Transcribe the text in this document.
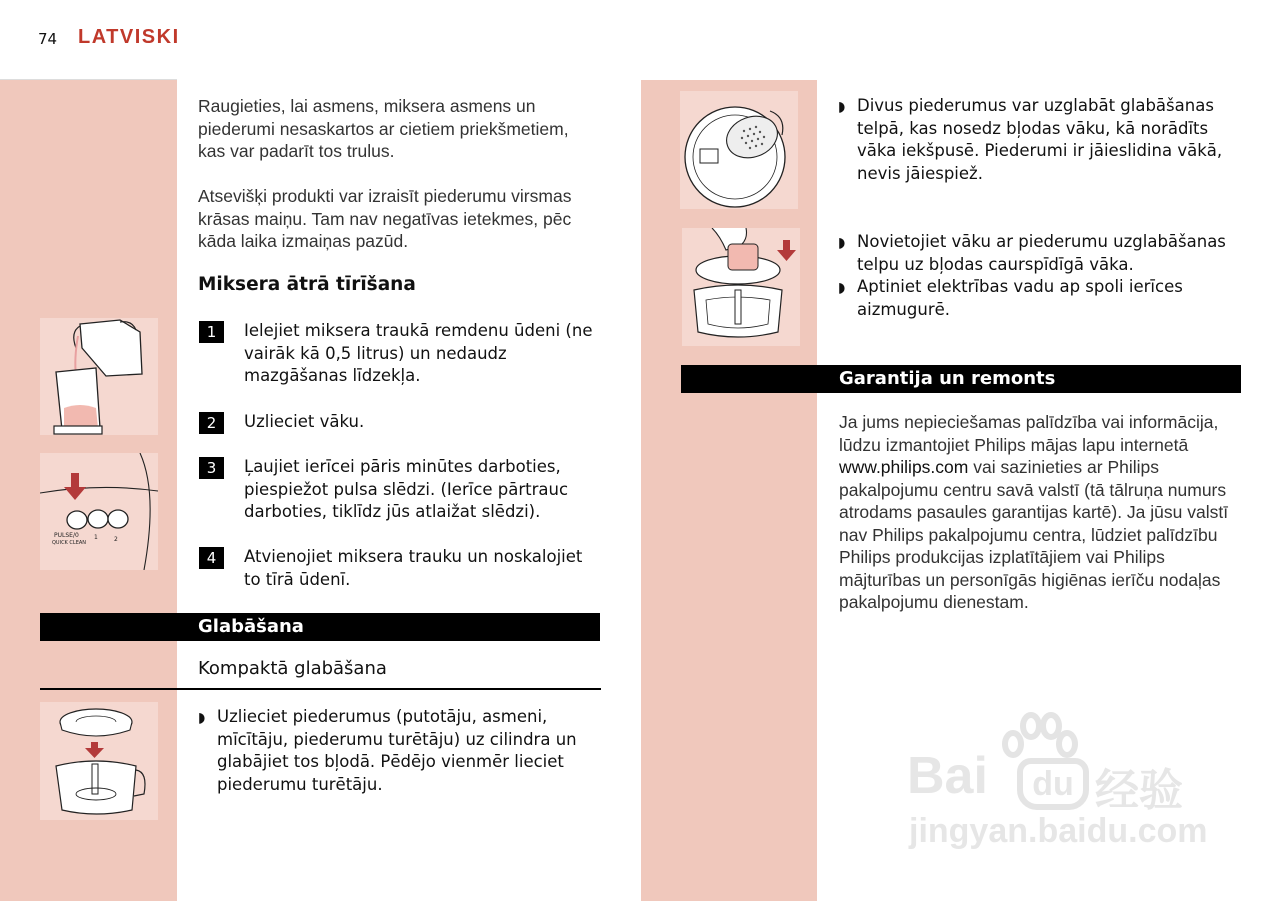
74 LATVISKI
Raugieties, lai asmens, miksera asmens un
piederumi nesaskartos ar cietiem priekšmetiem,
kas var padarīt tos trulus.
Atsevišķi produkti var izraisīt piederumu virsmas
krāsas maiņu. Tam nav negatīvas ietekmes, pēc
kāda laika izmaiņas pazūd.
Miksera ātrā tīrīšana
1	Ielejiet miksera traukā remdenu ūdeni (ne
vairāk kā 0,5 litrus) un nedaudz
mazgāšanas līdzekļa.
2	Uzlieciet vāku.
PULSE/0
QUICK CLEAN
1	2
3	Ļaujiet ierīcei pāris minūtes darboties,
piespiežot pulsa slēdzi. (Ierīce pārtrauc
darboties, tiklīdz jūs atlaižat slēdzi).
4	Atvienojiet miksera trauku un noskalojiet
to tīrā ūdenī.
Glabāšana
Kompaktā glabāšana
◗ Uzlieciet piederumus (putotāju, asmeni,
mīcītāju, piederumu turētāju) uz cilindra un
glabājiet tos bļodā. Pēdējo vienmēr lieciet
piederumu turētāju.
◗ Divus piederumus var uzglabāt glabāšanas
telpā, kas nosedz bļodas vāku, kā norādīts
vāka iekšpusē. Piederumi ir jāieslidina vākā,
nevis jāiespiež.
◗ Novietojiet vāku ar piederumu uzglabāšanas
telpu uz bļodas caurspīdīgā vāka.
◗ Aptiniet elektrības vadu ap spoli ierīces
aizmugurē.
Garantija un remonts
Ja jums nepieciešamas palīdzība vai informācija,
lūdzu izmantojiet Philips mājas lapu internetā
www.philips.com vai sazinieties ar Philips
pakalpojumu centru savā valstī (tā tālruņa numurs
atrodams pasaules garantijas kartē). Ja jūsu valstī
nav Philips pakalpojumu centra, lūdziet palīdzību
Philips produkcijas izplatītājiem vai Philips
mājturības un personīgās higiēnas ierīču nodaļas
pakalpojumu dienestam.
Bai du 经验
jingyan.baidu.com
